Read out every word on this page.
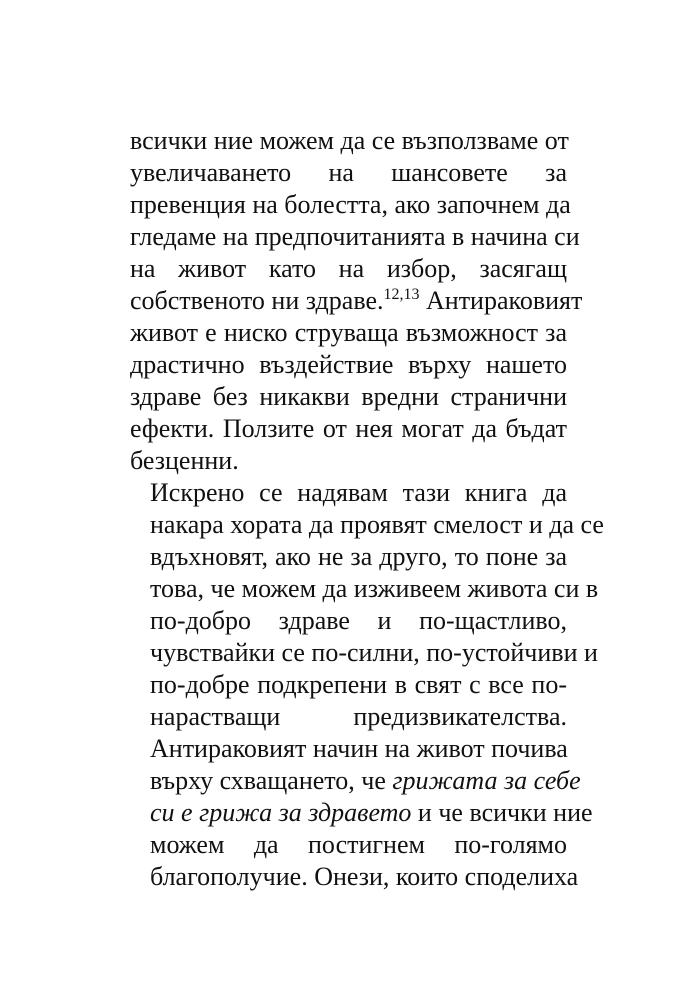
всички ние можем да се възползваме от
увеличаването на шансовете за
превенция на болестта, ако започнем да
гледаме на предпочитанията в начина си
на живот като на избор, засягащ
собственото ни здраве.$^{12,13}$ Антираковият
живот е ниско струваща възможност за
драстично въздействие върху нашето
здраве без никакви вредни странични
ефекти. Ползите от нея могат да бъдат
безценни.

Искрено се надявам тази книга да
накара хората да проявят смелост и да се
вдъхновят, ако не за друго, то поне за
това, че можем да изживеем живота си в
по-добро здраве и по-щастливо,
чувствайки се по-силни, по-устойчиви и
по-добре подкрепени в свят с все по-
нарастващи предизвикателства.
Антираковият начин на живот почива
върху схващането, че грижата за себе
си е грижа за здравето и че всички ние
можем да постигнем по-голямо
благополучие. Онези, които споделиха
